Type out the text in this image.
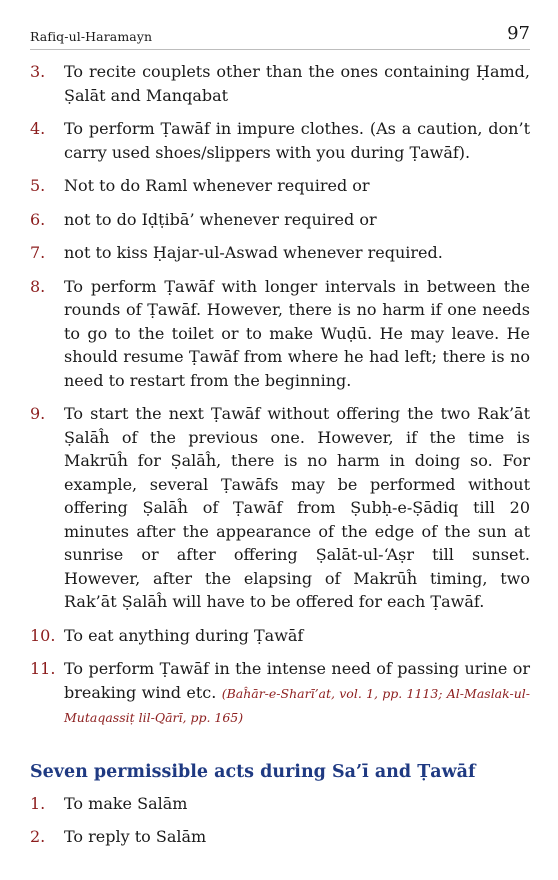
Rafiq-ul-Haramayn	97
3.	To recite couplets other than the ones containing Ḥamd, Ṣalāt and Manqabat
4.	To perform Ṭawāf in impure clothes. (As a caution, don’t carry used shoes/slippers with you during Ṭawāf).
5.	Not to do Raml whenever required or
6.	not to do Iḍṭibā’ whenever required or
7.	not to kiss Ḥajar-ul-Aswad whenever required.
8.	To perform Ṭawāf with longer intervals in between the rounds of Ṭawāf. However, there is no harm if one needs to go to the toilet or to make Wuḍū. He may leave. He should resume Ṭawāf from where he had left; there is no need to restart from the beginning.
9.	To start the next Ṭawāf without offering the two Rak’āt Ṣalāĥ of the previous one. However, if the time is Makrūĥ for Ṣalāĥ, there is no harm in doing so. For example, several Ṭawāfs may be performed without offering Ṣalāĥ of Ṭawāf from Ṣubḥ-e-Ṣādiq till 20 minutes after the appearance of the edge of the sun at sunrise or after offering Ṣalāt-ul-‘Aṣr till sunset. However, after the elapsing of Makrūĥ timing, two Rak’āt Ṣalāĥ will have to be offered for each Ṭawāf.
10. To eat anything during Ṭawāf
11. To perform Ṭawāf in the intense need of passing urine or breaking wind etc. (Baĥār-e-Sharī’at, vol. 1, pp. 1113; Al-Maslak-ul-Mutaqassiṭ lil-Qārī, pp. 165)
Seven permissible acts during Sa’ī and Ṭawāf
1.	To make Salām
2.	To reply to Salām
